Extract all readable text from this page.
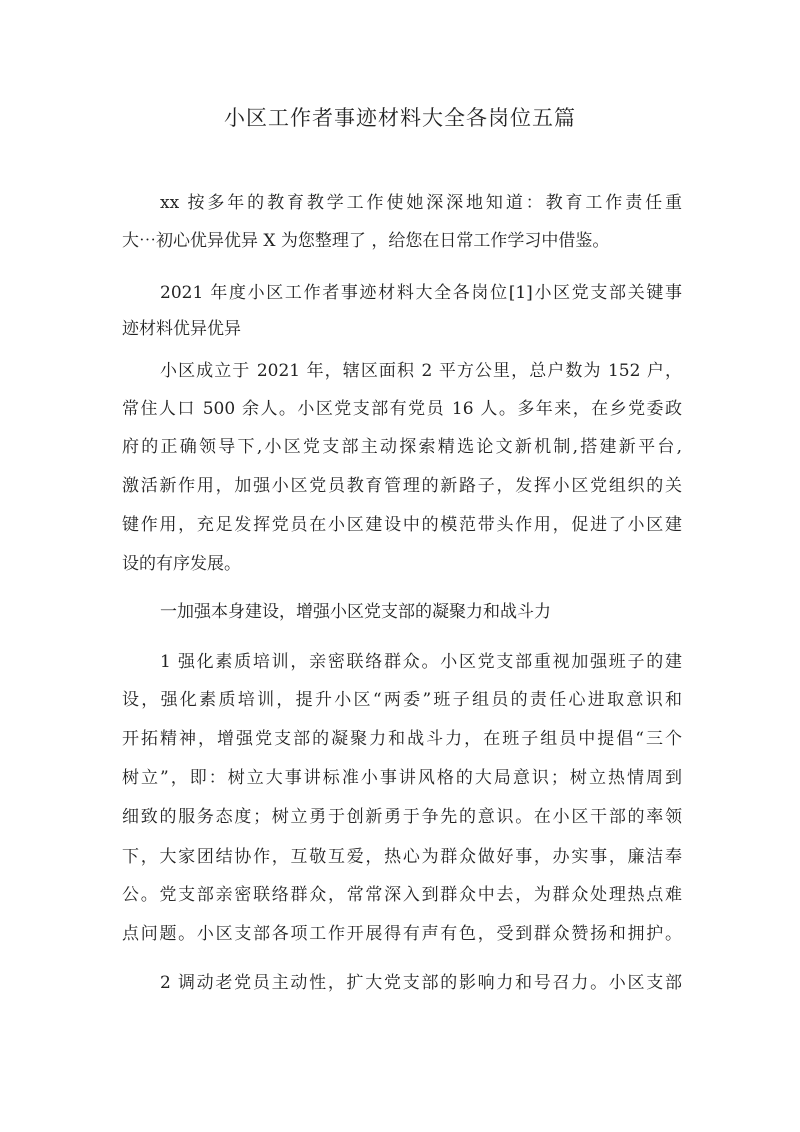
小区工作者事迹材料大全各岗位五篇
xx 按多年的教育教学工作使她深深地知道：教育工作责任重
大⋯初心优异优异 X 为您整理了 ，给您在日常工作学习中借鉴。
2021 年度小区工作者事迹材料大全各岗位[1]小区党支部关键事
迹材料优异优异
小区成立于 2021 年，辖区面积 2 平方公里，总户数为 152 户，
常住人口 500 余人。小区党支部有党员 16 人。多年来，在乡党委政
府的正确领导下,小区党支部主动探索精选论文新机制,搭建新平台,
激活新作用，加强小区党员教育管理的新路子，发挥小区党组织的关
键作用，充足发挥党员在小区建设中的模范带头作用，促进了小区建
设的有序发展。
一加强本身建设，增强小区党支部的凝聚力和战斗力
1 强化素质培训，亲密联络群众。小区党支部重视加强班子的建
设，强化素质培训，提升小区“两委”班子组员的责任心进取意识和
开拓精神，增强党支部的凝聚力和战斗力，在班子组员中提倡“三个
树立”，即：树立大事讲标准小事讲风格的大局意识；树立热情周到
细致的服务态度；树立勇于创新勇于争先的意识。在小区干部的率领
下，大家团结协作，互敬互爱，热心为群众做好事，办实事，廉洁奉
公。党支部亲密联络群众，常常深入到群众中去，为群众处理热点难
点问题。小区支部各项工作开展得有声有色，受到群众赞扬和拥护。
2 调动老党员主动性，扩大党支部的影响力和号召力。小区支部
